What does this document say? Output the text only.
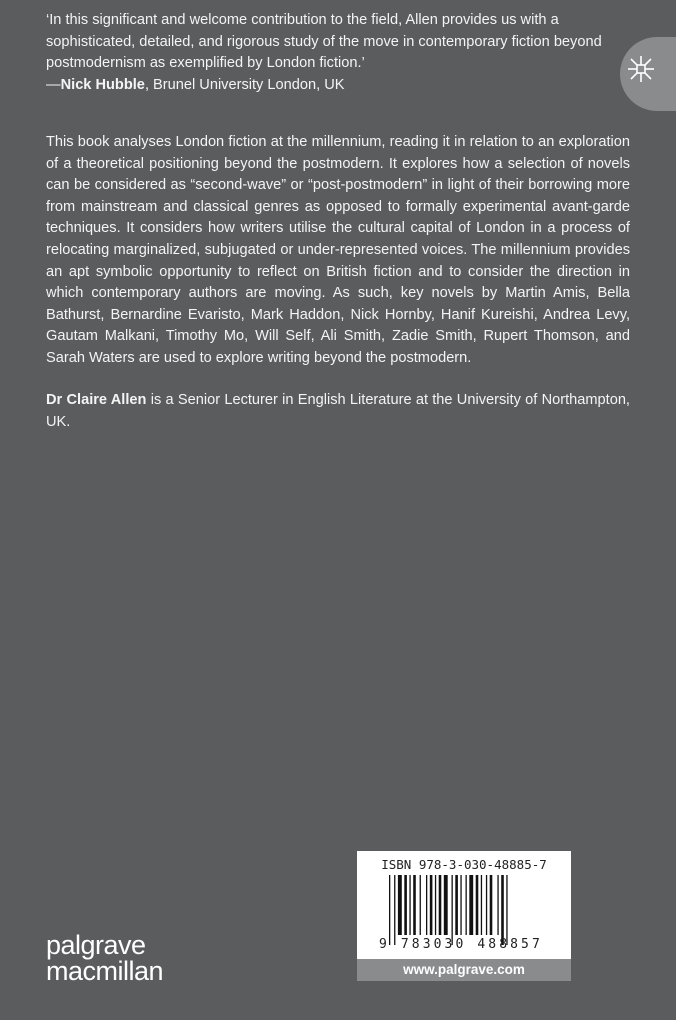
‘In this significant and welcome contribution to the field, Allen provides us with a sophisticated, detailed, and rigorous study of the move in contemporary fiction beyond postmodernism as exemplified by London fiction.’
—Nick Hubble, Brunel University London, UK

This book analyses London fiction at the millennium, reading it in relation to an exploration of a theoretical positioning beyond the postmodern. It explores how a selection of novels can be considered as “second-wave” or “post-postmodern” in light of their borrowing more from mainstream and classical genres as opposed to formally experimental avant-garde techniques. It considers how writers utilise the cultural capital of London in a process of relocating marginalized, subjugated or under-represented voices. The millennium provides an apt symbolic opportunity to reflect on British fiction and to consider the direction in which contemporary authors are moving. As such, key novels by Martin Amis, Bella Bathurst, Bernardine Evaristo, Mark Haddon, Nick Hornby, Hanif Kureishi, Andrea Levy, Gautam Malkani, Timothy Mo, Will Self, Ali Smith, Zadie Smith, Rupert Thomson, and Sarah Waters are used to explore writing beyond the postmodern.

Dr Claire Allen is a Senior Lecturer in English Literature at the University of Northampton, UK.

ISBN 978-3-030-48885-7
9 783030 488857
www.palgrave.com
palgrave
macmillan
